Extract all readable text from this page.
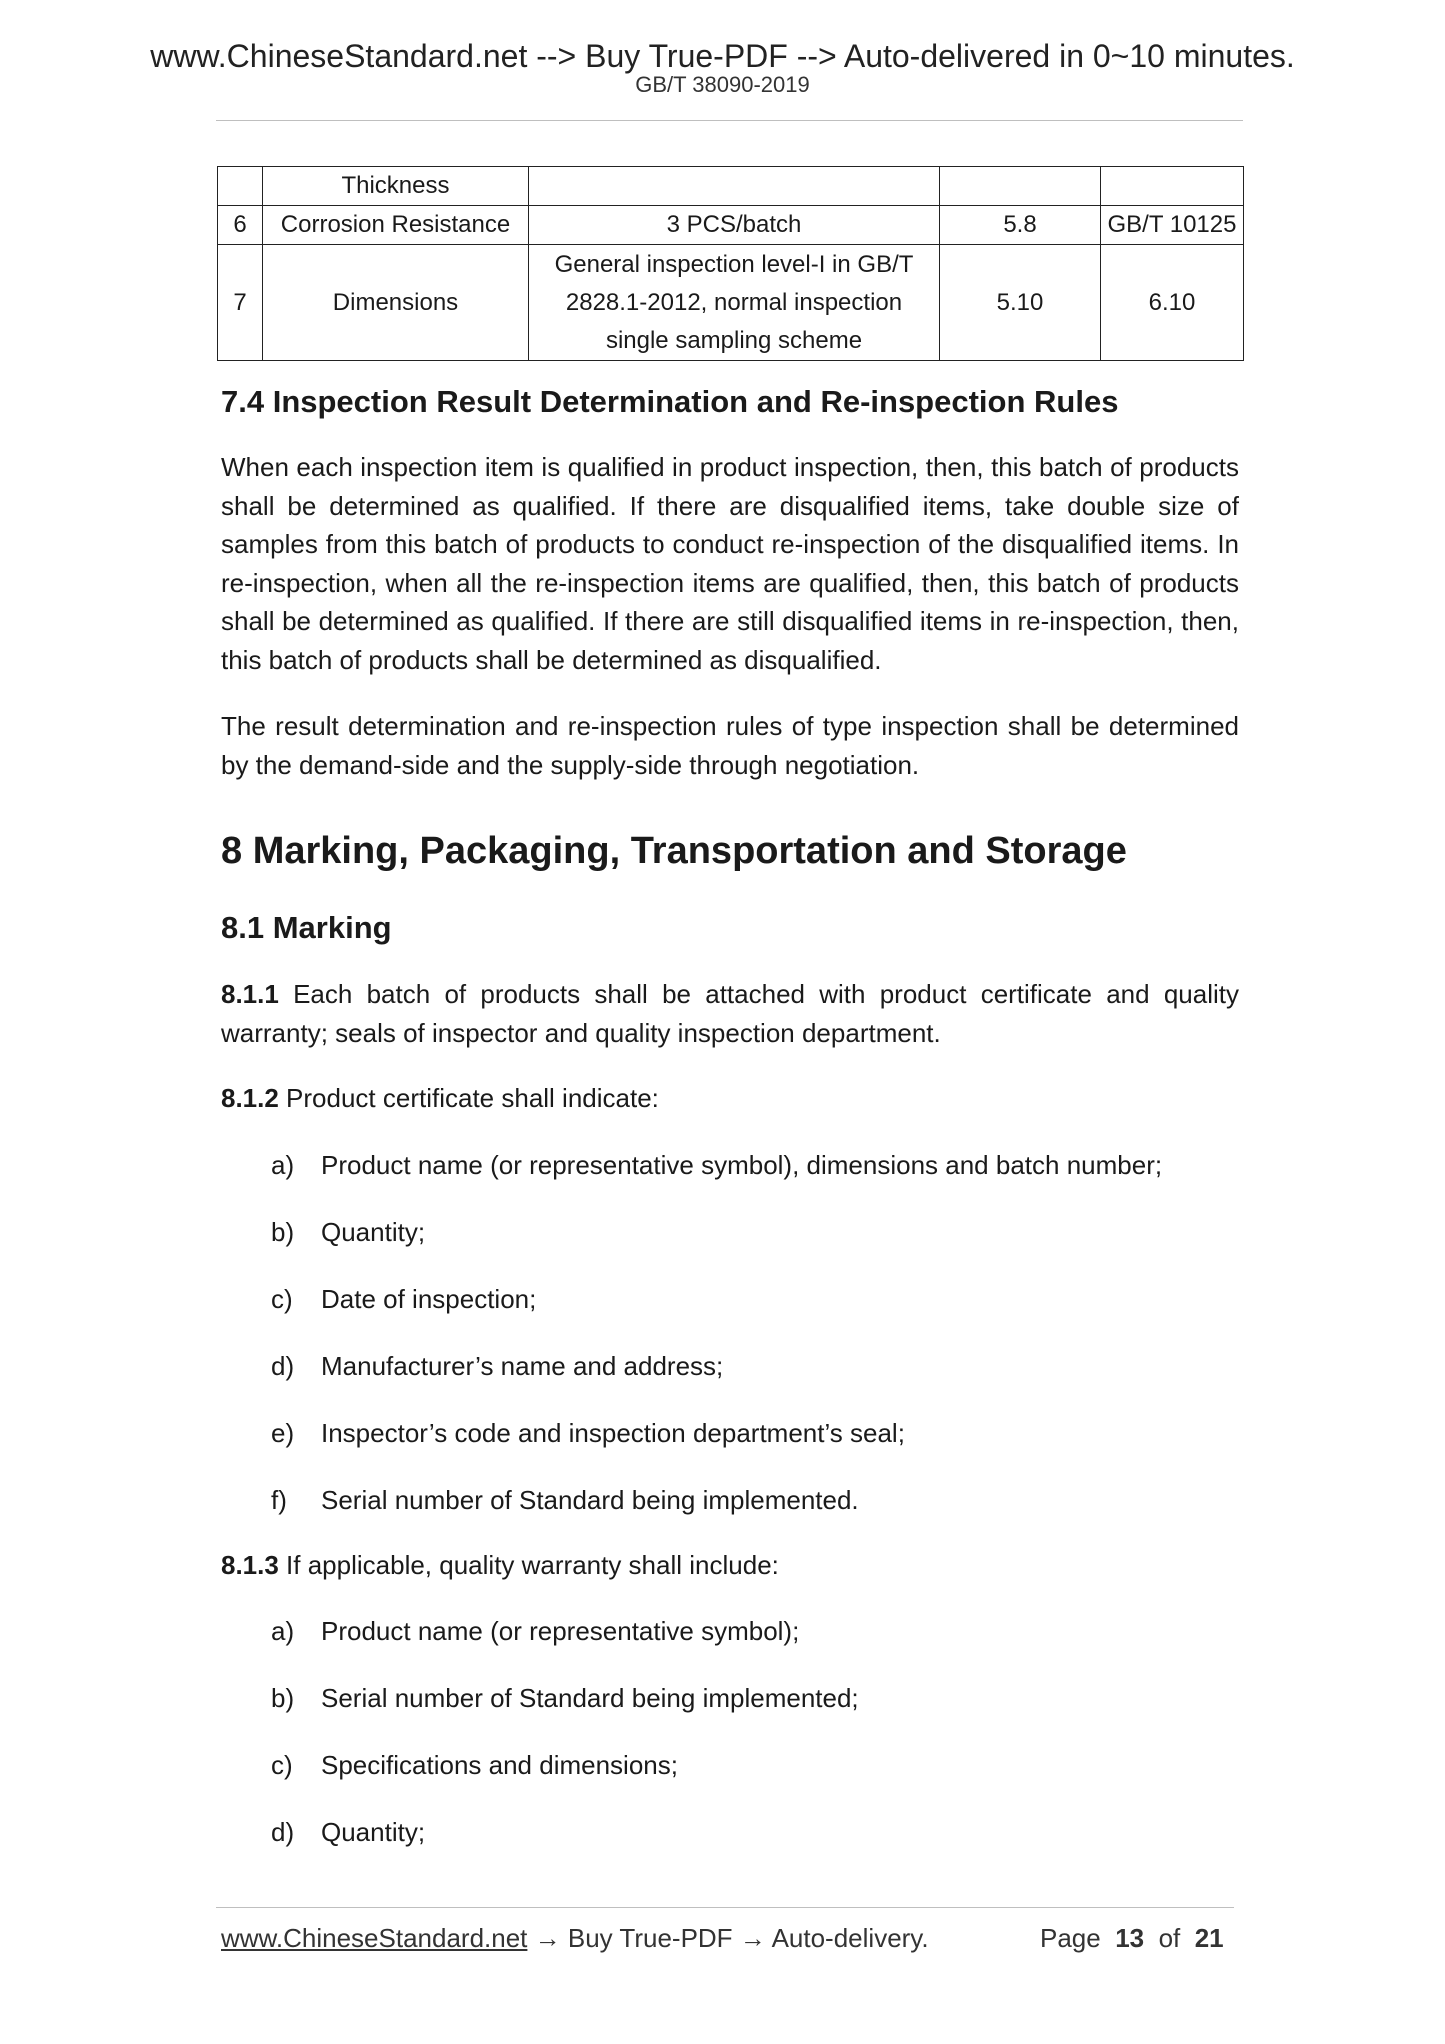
www.ChineseStandard.net --> Buy True-PDF --> Auto-delivered in 0~10 minutes.
GB/T 38090-2019
	Thickness			
6	Corrosion Resistance	3 PCS/batch	5.8	GB/T 10125
7	Dimensions	General inspection level-I in GB/T
2828.1-2012, normal inspection
single sampling scheme	5.10	6.10
7.4 Inspection Result Determination and Re-inspection Rules

When each inspection item is qualified in product inspection, then, this batch of products shall be determined as qualified. If there are disqualified items, take double size of samples from this batch of products to conduct re-inspection of the disqualified items. In re-inspection, when all the re-inspection items are qualified, then, this batch of products shall be determined as qualified. If there are still disqualified items in re-inspection, then, this batch of products shall be determined as disqualified.

The result determination and re-inspection rules of type inspection shall be determined by the demand-side and the supply-side through negotiation.

8 Marking, Packaging, Transportation and Storage
8.1 Marking

8.1.1 Each batch of products shall be attached with product certificate and quality warranty; seals of inspector and quality inspection department.

8.1.2 Product certificate shall indicate:

a)	Product name (or representative symbol), dimensions and batch number;
b)	Quantity;
c)	Date of inspection;
d)	Manufacturer’s name and address;
e)	Inspector’s code and inspection department’s seal;
f)	Serial number of Standard being implemented.

8.1.3 If applicable, quality warranty shall include:

a)	Product name (or representative symbol);
b)	Serial number of Standard being implemented;
c)	Specifications and dimensions;
d)	Quantity;
www.ChineseStandard.net → Buy True-PDF → Auto-delivery.	Page 13 of 21
